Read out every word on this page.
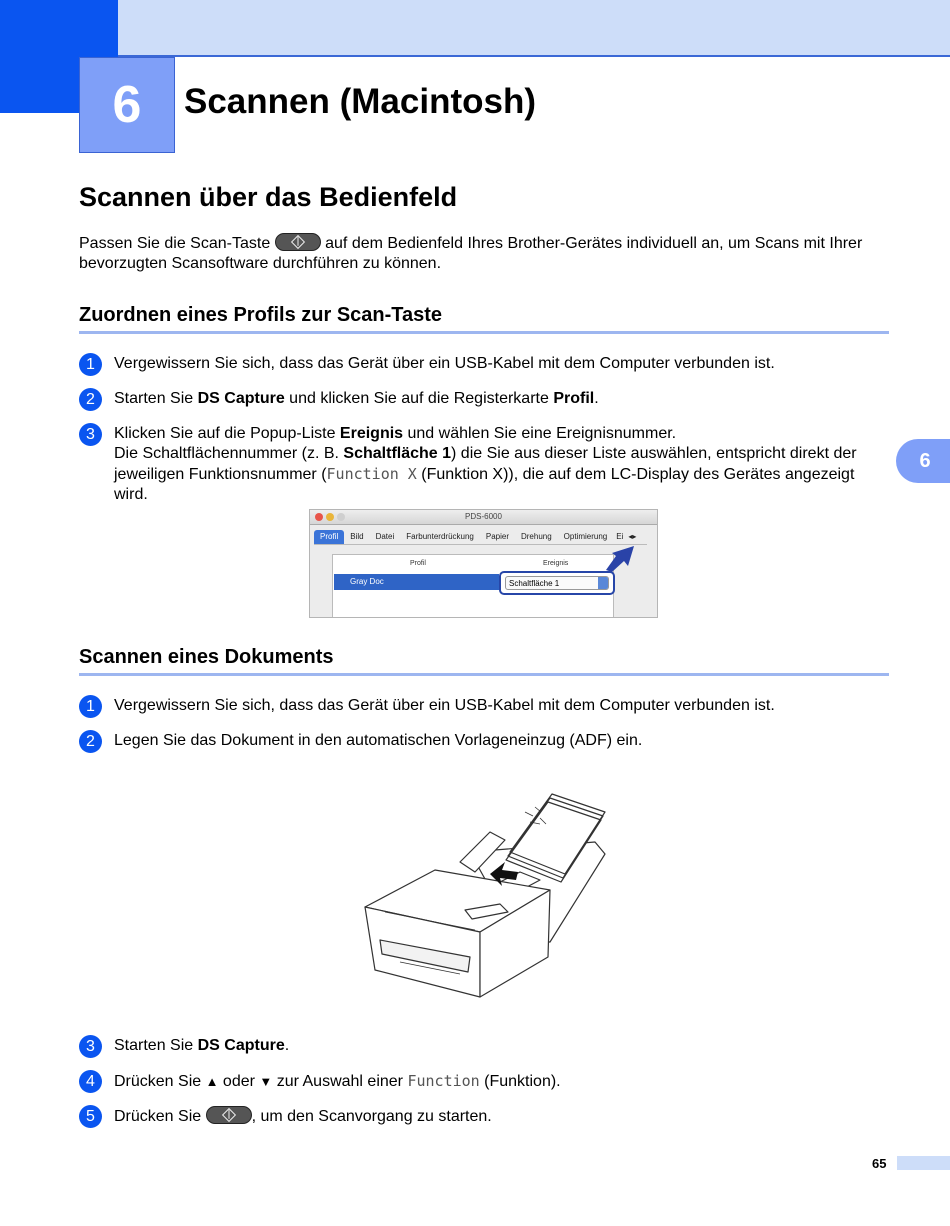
6	Scannen (Macintosh)
6
Scannen über das Bedienfeld

Passen Sie die Scan-Taste	auf dem Bedienfeld Ihres Brother-Gerätes individuell an, um Scans mit Ihrer bevorzugten Scansoftware durchführen zu können.

Zuordnen eines Profils zur Scan-Taste
1	Vergewissern Sie sich, dass das Gerät über ein USB-Kabel mit dem Computer verbunden ist.
2	Starten Sie DS Capture und klicken Sie auf die Registerkarte Profil.
3	Klicken Sie auf die Popup-Liste Ereignis und wählen Sie eine Ereignisnummer.
Die Schaltflächennummer (z. B. Schaltfläche 1) die Sie aus dieser Liste auswählen, entspricht direkt der jeweiligen Funktionsnummer (Function X (Funktion X)), die auf dem LC-Display des Gerätes angezeigt wird.
PDS-6000
Profil	Bild	Datei	Farbunterdrückung	Papier	Drehung	Optimierung	Ei ◂▸
Profil	Ereignis
Gray Doc	Schaltfläche 1
Scannen eines Dokuments
1	Vergewissern Sie sich, dass das Gerät über ein USB-Kabel mit dem Computer verbunden ist.
2	Legen Sie das Dokument in den automatischen Vorlageneinzug (ADF) ein.
3	Starten Sie DS Capture.
4	Drücken Sie ▲ oder ▼ zur Auswahl einer Function (Funktion).
5	Drücken Sie	, um den Scanvorgang zu starten.
65
